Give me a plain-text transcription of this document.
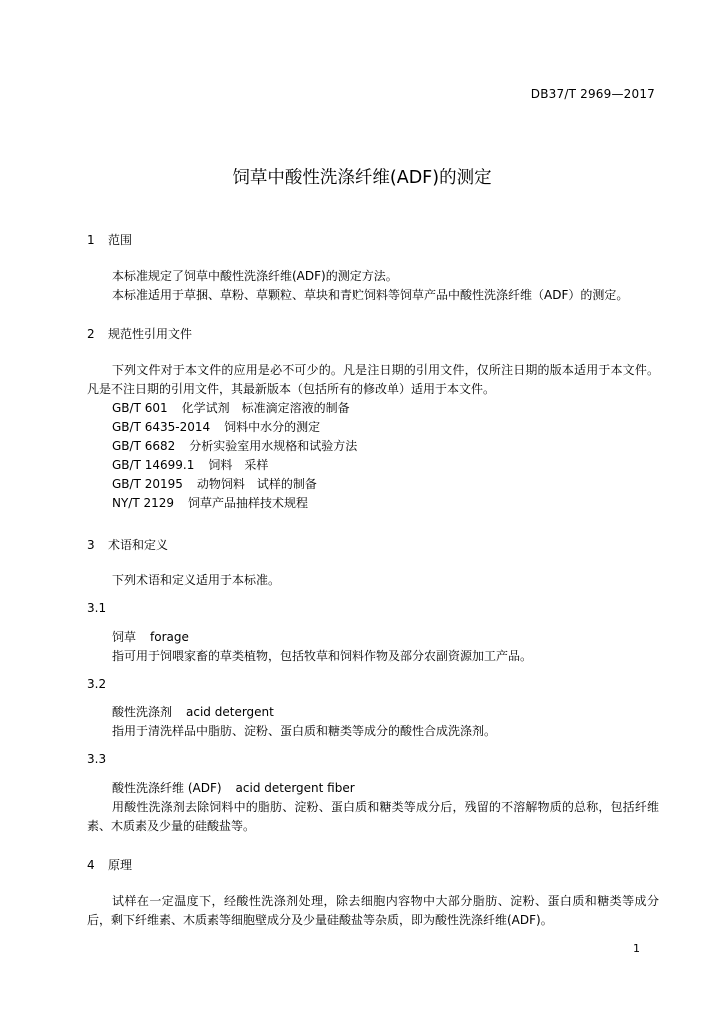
DB37/T 2969—2017
饲草中酸性洗涤纤维(ADF)的测定
1 范围

本标准规定了饲草中酸性洗涤纤维(ADF)的测定方法。

本标准适用于草捆、草粉、草颗粒、草块和青贮饲料等饲草产品中酸性洗涤纤维（ADF）的测定。

2 规范性引用文件

下列文件对于本文件的应用是必不可少的。凡是注日期的引用文件，仅所注日期的版本适用于本文件。凡是不注日期的引用文件，其最新版本（包括所有的修改单）适用于本文件。

GB/T 601 化学试剂　标准滴定溶液的制备

GB/T 6435-2014 饲料中水分的测定

GB/T 6682 分析实验室用水规格和试验方法

GB/T 14699.1 饲料　采样

GB/T 20195 动物饲料　试样的制备

NY/T 2129 饲草产品抽样技术规程

3 术语和定义

下列术语和定义适用于本标准。

3.1

饲草 forage

指可用于饲喂家畜的草类植物，包括牧草和饲料作物及部分农副资源加工产品。

3.2

酸性洗涤剂 acid detergent

指用于清洗样品中脂肪、淀粉、蛋白质和糖类等成分的酸性合成洗涤剂。

3.3

酸性洗涤纤维 (ADF) acid detergent fiber

用酸性洗涤剂去除饲料中的脂肪、淀粉、蛋白质和糖类等成分后，残留的不溶解物质的总称，包括纤维素、木质素及少量的硅酸盐等。

4 原理

试样在一定温度下，经酸性洗涤剂处理，除去细胞内容物中大部分脂肪、淀粉、蛋白质和糖类等成分后，剩下纤维素、木质素等细胞壁成分及少量硅酸盐等杂质，即为酸性洗涤纤维(ADF)。

1
